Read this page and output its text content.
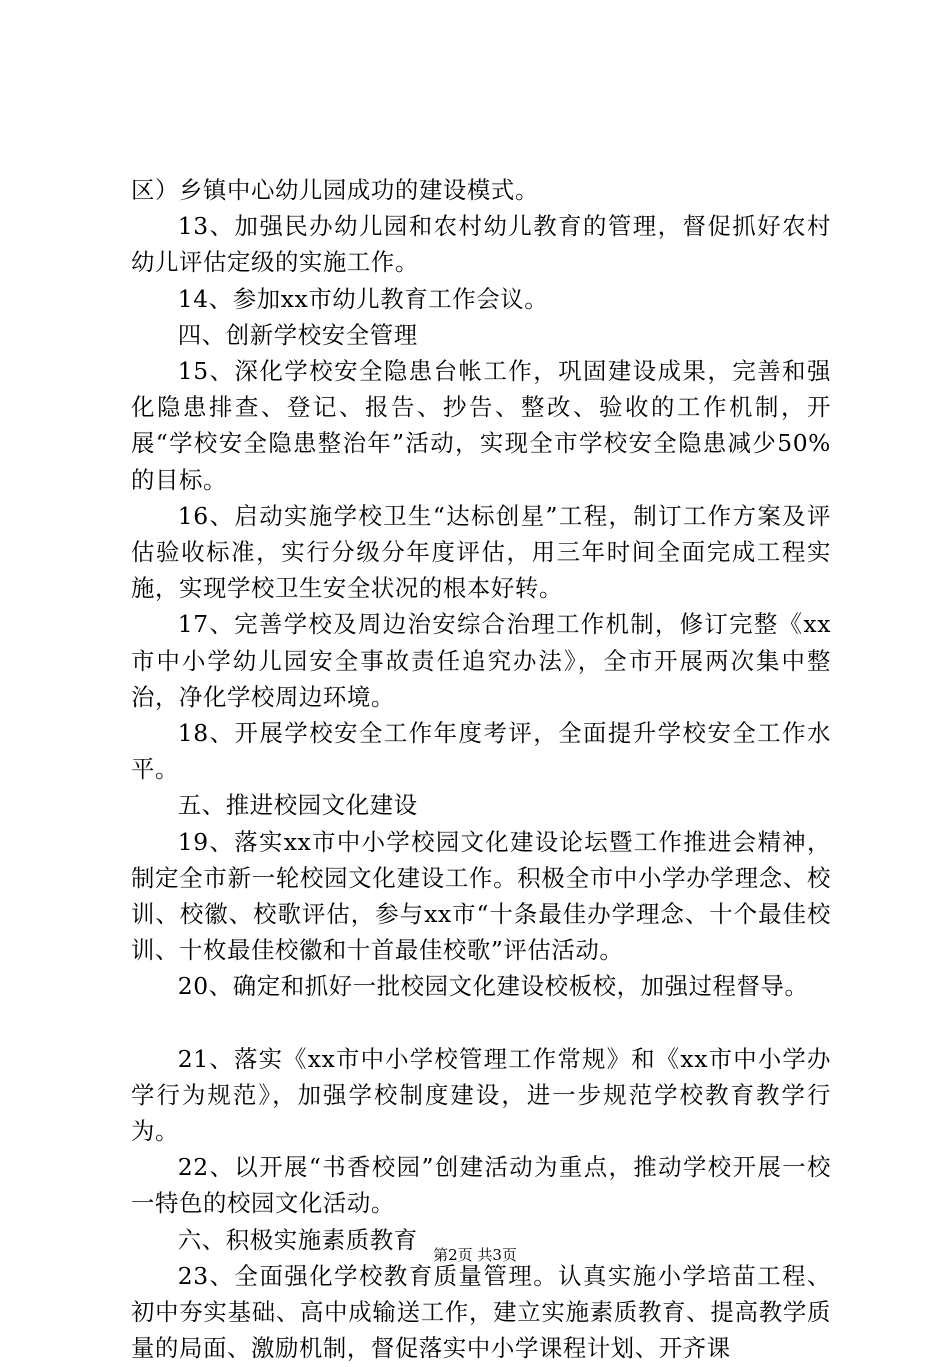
区）乡镇中心幼儿园成功的建设模式。

13、加强民办幼儿园和农村幼儿教育的管理，督促抓好农村幼儿评估定级的实施工作。

14、参加xx市幼儿教育工作会议。

四、创新学校安全管理

15、深化学校安全隐患台帐工作，巩固建设成果，完善和强化隐患排查、登记、报告、抄告、整改、验收的工作机制，开展“学校安全隐患整治年”活动，实现全市学校安全隐患减少50%的目标。

16、启动实施学校卫生“达标创星”工程，制订工作方案及评估验收标准，实行分级分年度评估，用三年时间全面完成工程实施，实现学校卫生安全状况的根本好转。

17、完善学校及周边治安综合治理工作机制，修订完整《xx市中小学幼儿园安全事故责任追究办法》，全市开展两次集中整治，净化学校周边环境。

18、开展学校安全工作年度考评，全面提升学校安全工作水平。

五、推进校园文化建设

19、落实xx市中小学校园文化建设论坛暨工作推进会精神，制定全市新一轮校园文化建设工作。积极全市中小学办学理念、校训、校徽、校歌评估，参与xx市“十条最佳办学理念、十个最佳校训、十枚最佳校徽和十首最佳校歌”评估活动。

20、确定和抓好一批校园文化建设校板校，加强过程督导。

21、落实《xx市中小学校管理工作常规》和《xx市中小学办学行为规范》，加强学校制度建设，进一步规范学校教育教学行为。

22、以开展“书香校园”创建活动为重点，推动学校开展一校一特色的校园文化活动。

六、积极实施素质教育

23、全面强化学校教育质量管理。认真实施小学培苗工程、初中夯实基础、高中成输送工作，建立实施素质教育、提高教学质量的局面、激励机制，督促落实中小学课程计划、开齐课

第2页 共3页
